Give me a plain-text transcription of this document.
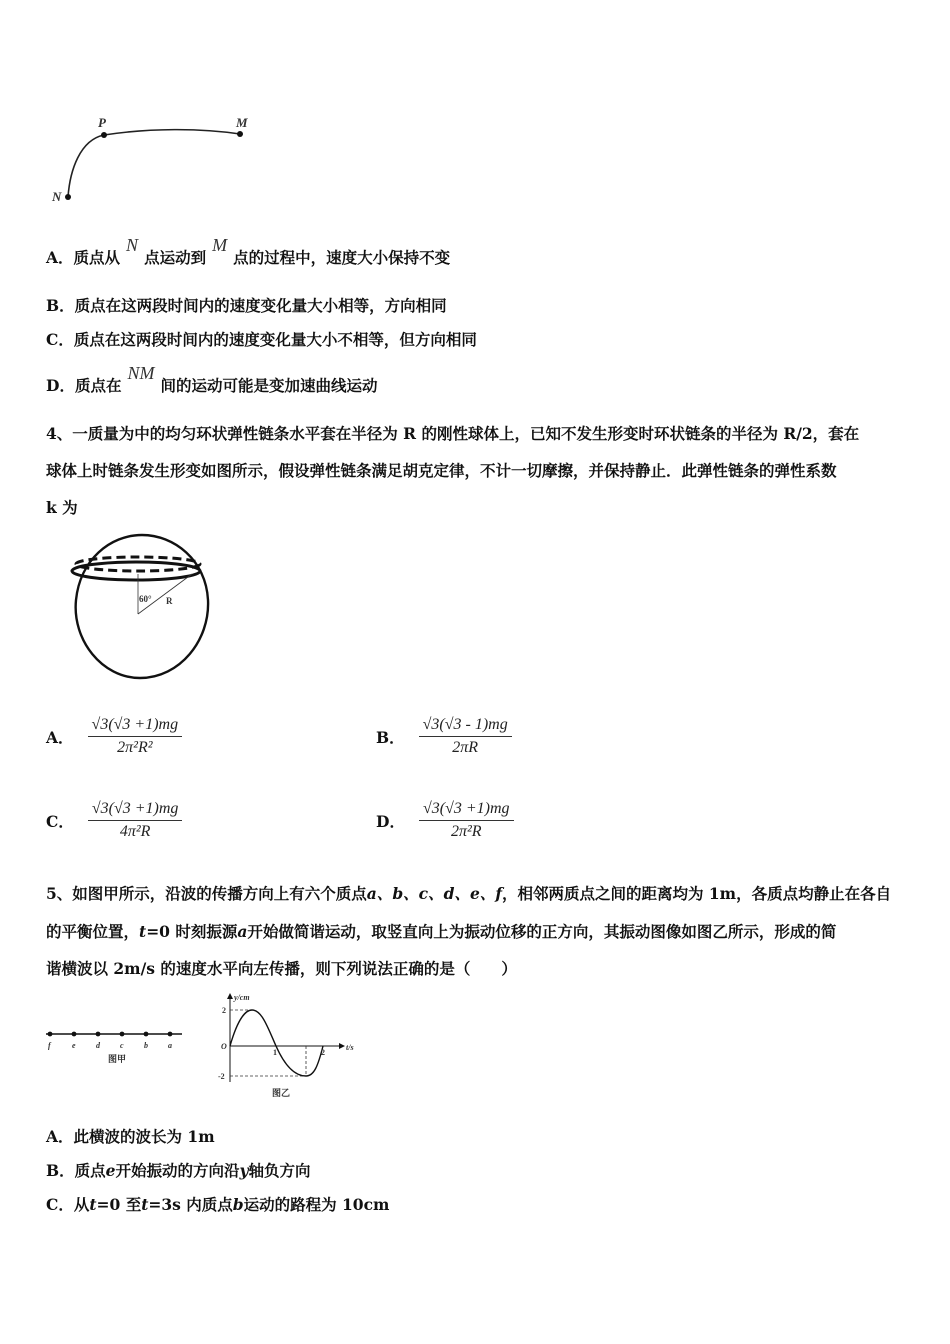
P	M
N
A．质点从N点运动到M点的过程中，速度大小保持不变
B．质点在这两段时间内的速度变化量大小相等，方向相同
C．质点在这两段时间内的速度变化量大小不相等，但方向相同
D．质点在NM间的运动可能是变加速曲线运动
4、一质量为中的均匀环状弹性链条水平套在半径为 R 的刚性球体上，已知不发生形变时环状链条的半径为 R/2，套在
球体上时链条发生形变如图所示，假设弹性链条满足胡克定律，不计一切摩擦，并保持静止．此弹性链条的弹性系数
k 为
60° R
A． $\frac{√3(√3 +1)mg}{\text{2π²R²}}$	B． $\frac{√3(√3 - 1)mg}{2\pi R}$
C． $\frac{√3(√3 +1)mg}{\text{4π²R}}$	D． $\frac{√3(√3 +1)mg}{\text{2π²R}}$
5、如图甲所示，沿波的传播方向上有六个质点a、b、c、d、e、f，相邻两质点之间的距离均为 1m，各质点均静止在各自
的平衡位置，t=0 时刻振源a开始做简谐运动，取竖直向上为振动位移的正方向，其振动图像如图乙所示，形成的简
谐横波以 2m/s 的速度水平向左传播，则下列说法正确的是（　　）
f	e	d	c	b	a
图甲
y/cm
t/s
O
2
-2
1	2
图乙
A．此横波的波长为 1m
B．质点e开始振动的方向沿y轴负方向
C．从t=0 至t=3s 内质点b运动的路程为 10cm
